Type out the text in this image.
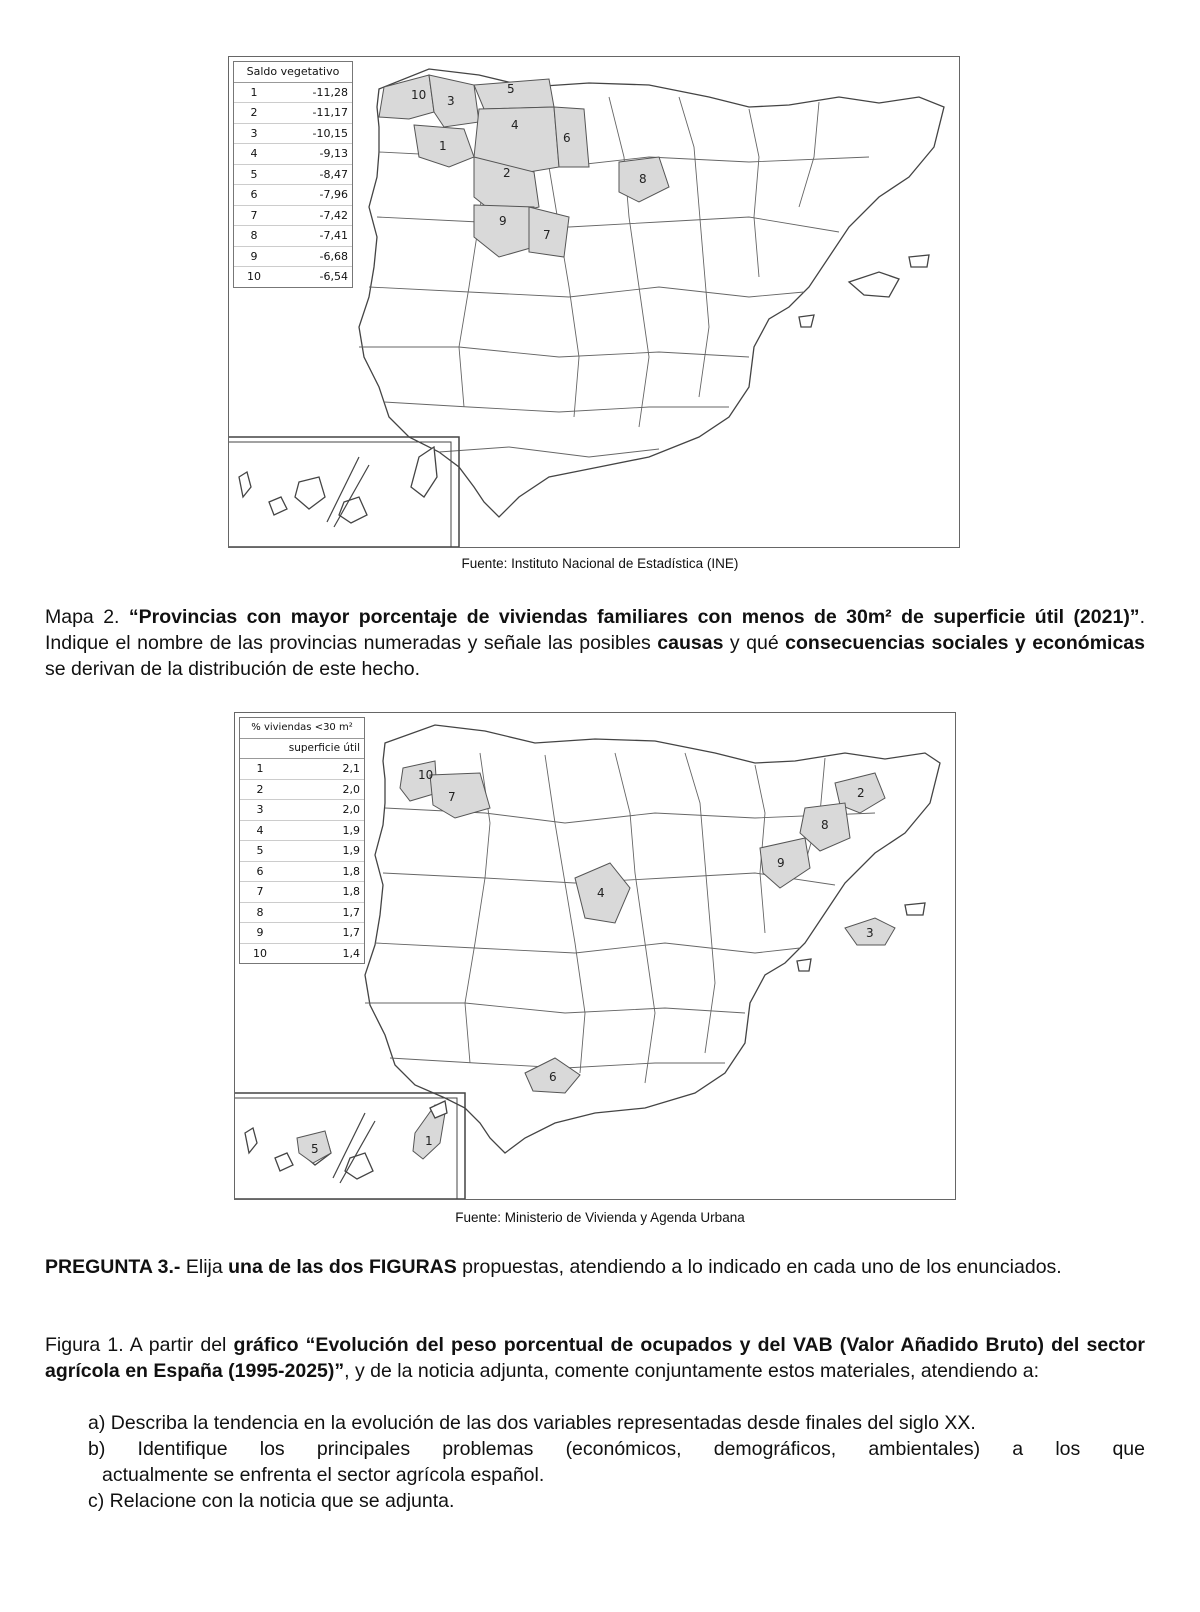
10 3
5
1
4
6
2	8
9
7
Saldo vegetativo
1	-11,28
2	-11,17
3	-10,15
4	-9,13
5	-8,47
6	-7,96
7	-7,42
8	-7,41
9	-6,68
10	-6,54
Fuente: Instituto Nacional de Estadística (INE)
Mapa 2. “Provincias con mayor porcentaje de viviendas familiares con menos de 30m² de superficie útil (2021)”. Indique el nombre de las provincias numeradas y señale las posibles causas y qué consecuencias sociales y económicas se derivan de la distribución de este hecho.
10
7	2
8
9
4
3
6
5
1
% viviendas <30 m²
superficie útil
1	2,1
2	2,0
3	2,0
4	1,9
5	1,9
6	1,8
7	1,8
8	1,7
9	1,7
10	1,4
Fuente: Ministerio de Vivienda y Agenda Urbana
PREGUNTA 3.- Elija una de las dos FIGURAS propuestas, atendiendo a lo indicado en cada uno de los enunciados.
Figura 1. A partir del gráfico “Evolución del peso porcentual de ocupados y del VAB (Valor Añadido Bruto) del sector agrícola en España (1995-2025)”, y de la noticia adjunta, comente conjuntamente estos materiales, atendiendo a:
a) Describa la tendencia en la evolución de las dos variables representadas desde finales del siglo XX.
b) Identifique los principales problemas (económicos, demográficos, ambientales) a los que
actualmente se enfrenta el sector agrícola español.
c) Relacione con la noticia que se adjunta.
